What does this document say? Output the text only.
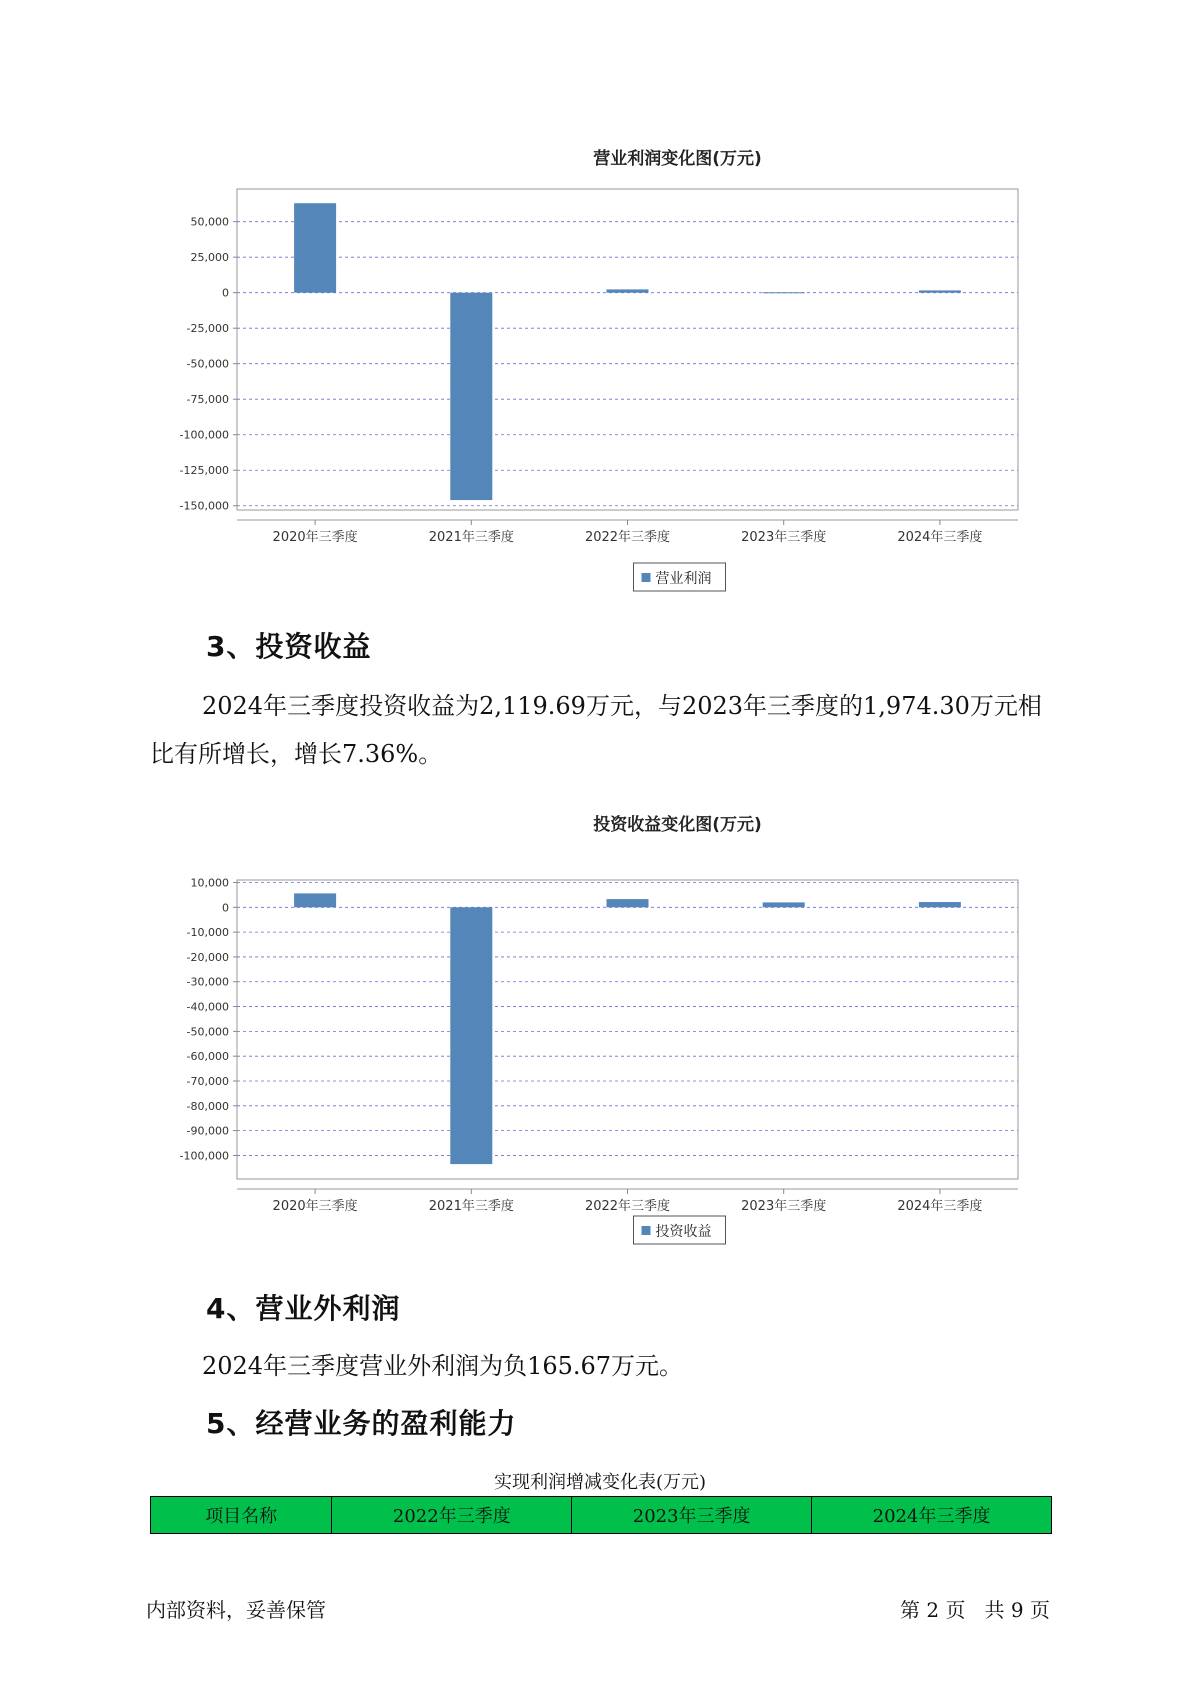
营业利润变化图(万元)
50,000
25,000
0
-25,000
-50,000
-75,000
-100,000
-125,000
-150,000
2020年三季度	2021年三季度	2022年三季度	2023年三季度	2024年三季度
营业利润
3、投资收益

2024年三季度投资收益为2,119.69万元，与2023年三季度的1,974.30万元相比有所增长，增长7.36%。

投资收益变化图(万元)
10,000
0
-10,000
-20,000
-30,000
-40,000
-50,000
-60,000
-70,000
-80,000
-90,000
-100,000
2020年三季度	2021年三季度	2022年三季度	2023年三季度	2024年三季度
投资收益
4、营业外利润

2024年三季度营业外利润为负165.67万元。

5、经营业务的盈利能力
实现利润增减变化表(万元)
项目名称	2022年三季度	2023年三季度	2024年三季度
内部资料，妥善保管	第 2 页   共 9 页
